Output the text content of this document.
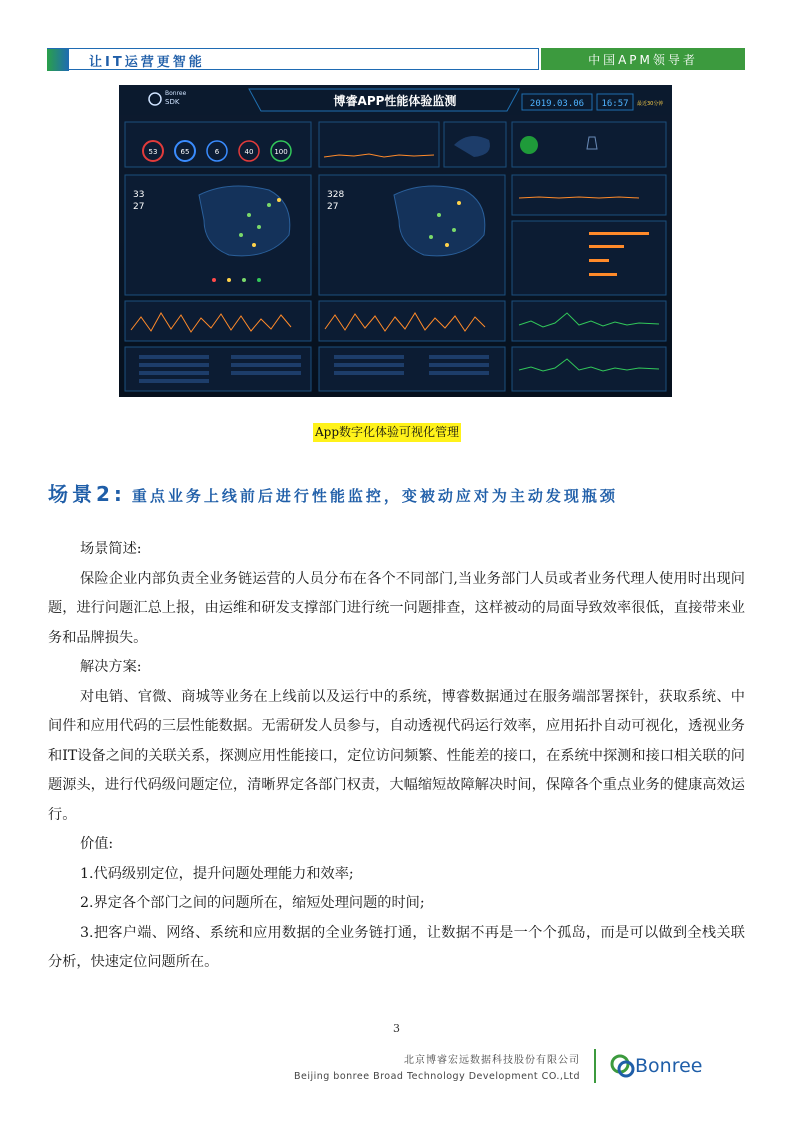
让IT运营更智能	中国APM领导者
Bonree
SDK	博睿APP性能体验监测	2019.03.06 16:57 最近30分钟
53	65	6	40	100
33
27
328
27
App数字化体验可视化管理
场景2: 重点业务上线前后进行性能监控，变被动应对为主动发现瓶颈

场景简述:

保险企业内部负责全业务链运营的人员分布在各个不同部门,当业务部门人员或者业务代理人使用时出现问题，进行问题汇总上报，由运维和研发支撑部门进行统一问题排查，这样被动的局面导致效率很低，直接带来业务和品牌损失。

解决方案:

对电销、官微、商城等业务在上线前以及运行中的系统，博睿数据通过在服务端部署探针，获取系统、中间件和应用代码的三层性能数据。无需研发人员参与，自动透视代码运行效率，应用拓扑自动可视化，透视业务和IT设备之间的关联关系，探测应用性能接口，定位访问频繁、性能差的接口，在系统中探测和接口相关联的问题源头，进行代码级问题定位，清晰界定各部门权责，大幅缩短故障解决时间，保障各个重点业务的健康高效运行。

价值:

1.代码级别定位，提升问题处理能力和效率;

2.界定各个部门之间的问题所在，缩短处理问题的时间;

3.把客户端、网络、系统和应用数据的全业务链打通，让数据不再是一个个孤岛，而是可以做到全栈关联分析，快速定位问题所在。

3
北京博睿宏远数据科技股份有限公司
Beijing bonree Broad Technology Development CO.,Ltd	Bonree
